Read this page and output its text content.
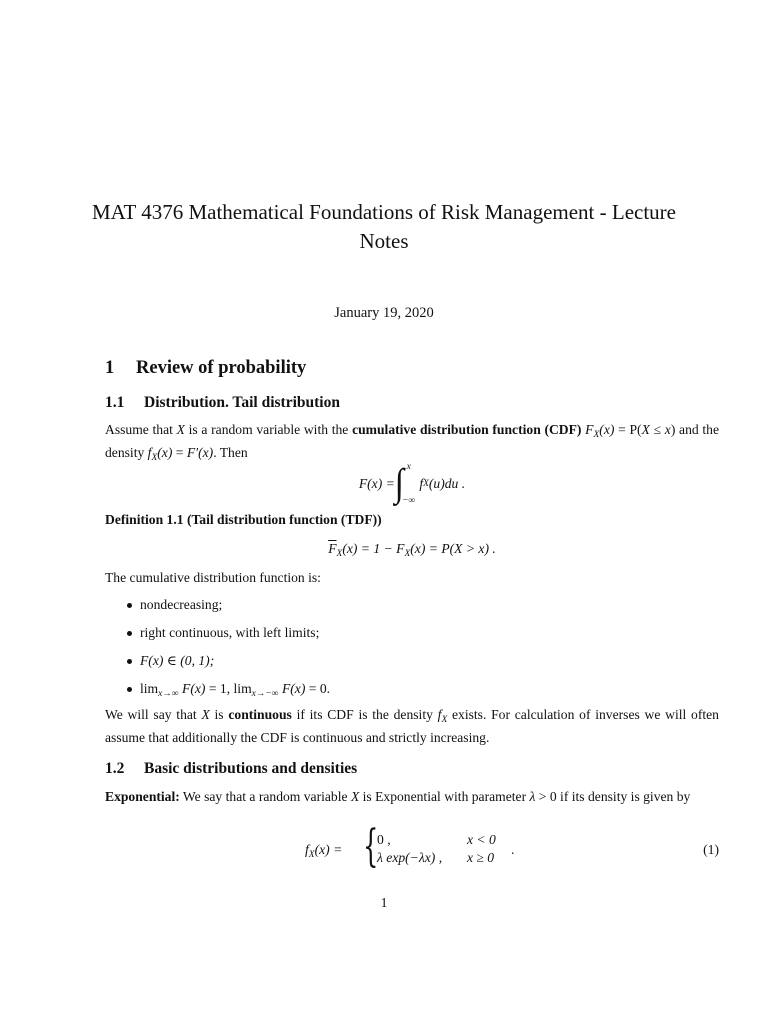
MAT 4376 Mathematical Foundations of Risk Management - Lecture Notes
January 19, 2020
1 Review of probability
1.1 Distribution. Tail distribution
Assume that X is a random variable with the cumulative distribution function (CDF) $F_X(x) = P(X \le x)$ and the density $f_X(x) = F'(x)$. Then
F(x) = ∫ x
−∞
f X (u)du .
Definition 1.1 (Tail distribution function (TDF))
$\overline{F}_X(x) = 1 - F_X(x) = P(X > x)$ .
The cumulative distribution function is:
nondecreasing;
right continuous, with left limits;
F(x) ∈ (0, 1);
$\lim_{x\to\infty} F(x) = 1$, $\lim_{x\to-\infty} F(x) = 0$.
We will say that X is continuous if its CDF is the density $f_X$ exists. For calculation of inverses we will often assume that additionally the CDF is continuous and strictly increasing.
1.2 Basic distributions and densities
Exponential: We say that a random variable X is Exponential with parameter λ > 0 if its density is given by
$f_X(x)$ = {
0 ,
λ exp(−λx) ,
x < 0
x ≥ 0
.	(1)
1
